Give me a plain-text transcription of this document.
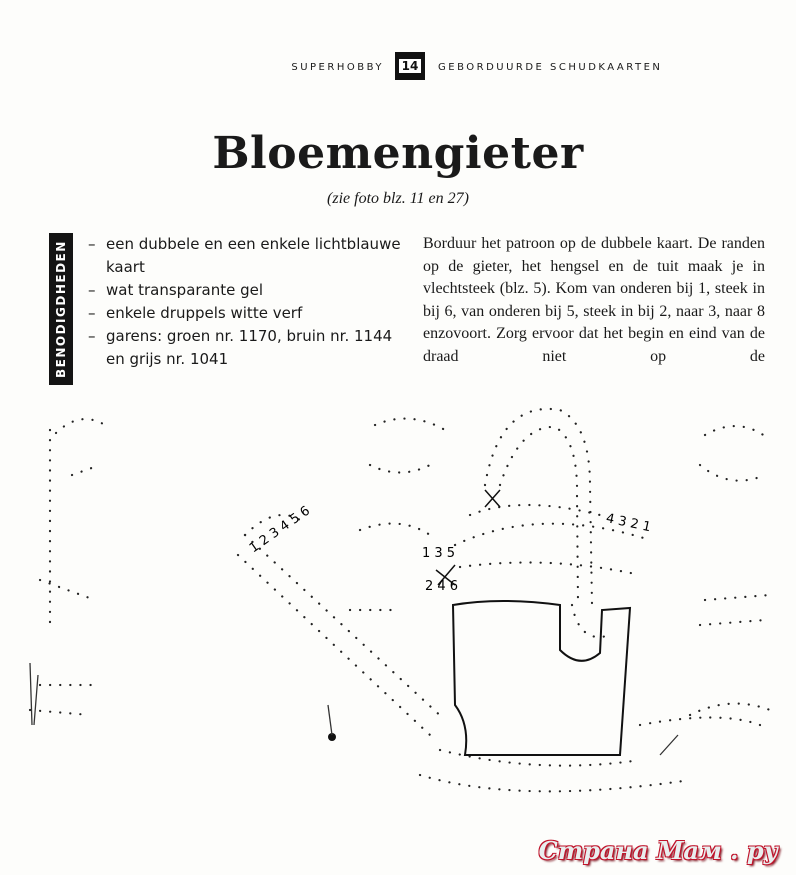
SUPERHOBBY 14	GEBORDUURDE SCHUDKAARTEN
Bloemengieter
(zie foto blz. 11 en 27)
BENODIGDHEDEN
–	een dubbele en een enkele lichtblauwe kaart
– wat transparante gel
– enkele druppels witte verf
– garens: groen nr. 1170, bruin nr. 1144 en grijs nr. 1041

Borduur het patroon op de dubbele kaart. De randen op de gieter, het hengsel en de tuit maak je in vlechtsteek (blz. 5). Kom van onderen bij 1, steek in bij 6, van onderen bij 5, steek in bij 2, naar 3, naar 8 enzovoort. Zorg ervoor dat het begin en eind van de draad niet op de

1 2 3 4 5 6	4 3 2 1
1 3 5
2 4 6
Страна Мам . ру
